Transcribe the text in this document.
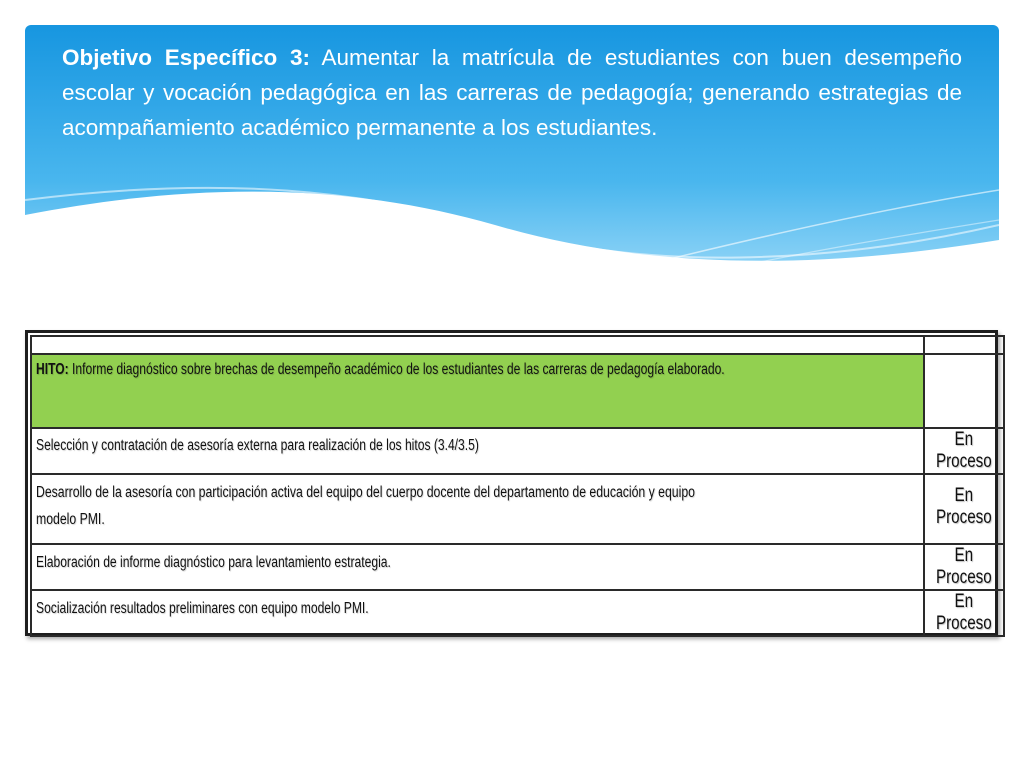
Objetivo Específico 3: Aumentar la matrícula de estudiantes con buen desempeño escolar y vocación pedagógica en las carreras de pedagogía; generando estrategias de acompañamiento académico permanente a los estudiantes.

HITO: Informe diagnóstico sobre brechas de desempeño académico de los estudiantes de las carreras de pedagogía elaborado.	
Selección y contratación de asesoría externa para realización de los hitos (3.4/3.5)	En Proceso

Desarrollo de la asesoría con participación activa del equipo del cuerpo docente del departamento de educación y equipo modelo PMI.	En Proceso
Elaboración de informe diagnóstico para levantamiento estrategia.	En Proceso
Socialización resultados preliminares con equipo modelo PMI.	En Proceso
